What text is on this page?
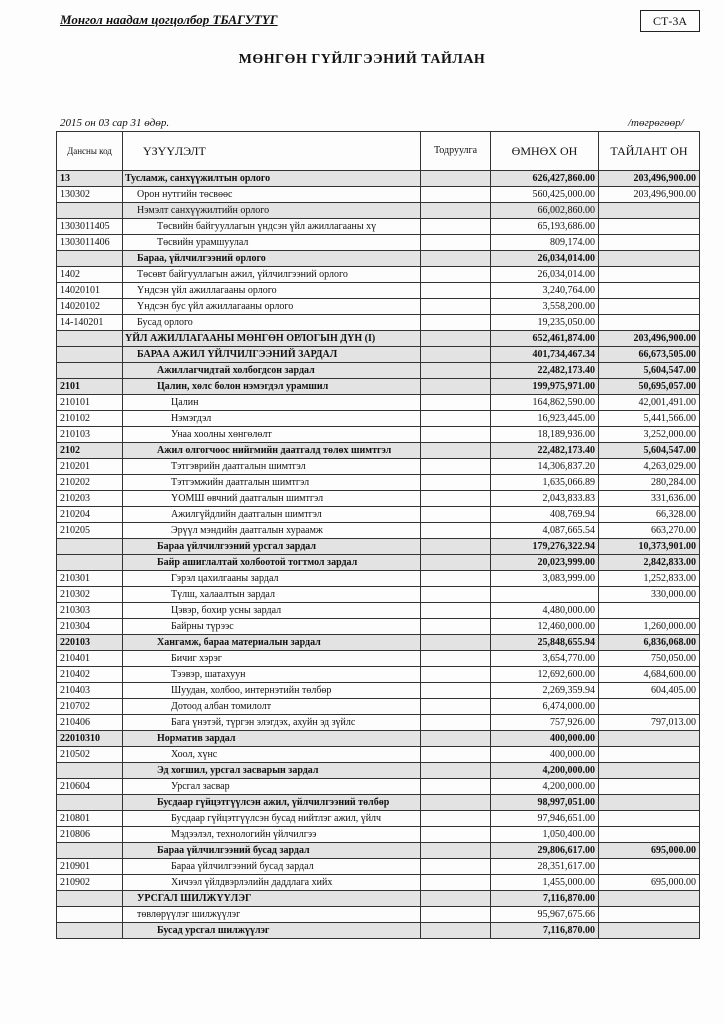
Монгол наадам цогцолбор ТБАГУТҮГ	СТ-3А
МӨНГӨН ГҮЙЛГЭЭНИЙ ТАЙЛАН
2015 он 03 сар 31 өдөр.	/төгрөгөөр/
Дансны код	ҮЗҮҮЛЭЛТ	Тодруулга	ӨМНӨХ ОН	ТАЙЛАНТ ОН
13	Тусламж, санхүүжилтын орлого		626,427,860.00	203,496,900.00
130302	Орон нутгийн төсвөөс		560,425,000.00	203,496,900.00
	Нэмэлт санхүүжилтийн орлого		66,002,860.00	
1303011405	Төсвийн байгууллагын үндсэн үйл ажиллагааны хү		65,193,686.00	
1303011406	Төсвийн урамшуулал		809,174.00	
	Бараа, үйлчилгээний орлого		26,034,014.00	
1402	Төсөвт байгууллагын ажил, үйлчилгээний орлого		26,034,014.00	
14020101	Үндсэн үйл ажиллагааны орлого		3,240,764.00	
14020102	Үндсэн бус үйл ажиллагааны орлого		3,558,200.00	
14-140201	Бусад орлого		19,235,050.00	
	ҮЙЛ АЖИЛЛАГААНЫ МӨНГӨН ОРЛОГЫН ДҮН (I)		652,461,874.00	203,496,900.00
	БАРАА АЖИЛ ҮЙЛЧИЛГЭЭНИЙ ЗАРДАЛ		401,734,467.34	66,673,505.00
	Ажиллагчидтай холбогдсон зардал		22,482,173.40	5,604,547.00
2101	Цалин, хөлс болон нэмэгдэл урамшил		199,975,971.00	50,695,057.00
210101	Цалин		164,862,590.00	42,001,491.00
210102	Нэмэгдэл		16,923,445.00	5,441,566.00
210103	Унаа хоолны хөнгөлөлт		18,189,936.00	3,252,000.00
2102	Ажил олгогчоос нийгмийн даатгалд төлөх шимтгэл		22,482,173.40	5,604,547.00
210201	Тэтгэврийн даатгалын шимтгэл		14,306,837.20	4,263,029.00
210202	Тэтгэмжийн даатгалын шимтгэл		1,635,066.89	280,284.00
210203	ҮОМШ өвчний даатгалын шимтгэл		2,043,833.83	331,636.00
210204	Ажилгүйдлийн даатгалын шимтгэл		408,769.94	66,328.00
210205	Эрүүл мэндийн даатгалын хураамж		4,087,665.54	663,270.00
	Бараа үйлчилгээний урсгал зардал		179,276,322.94	10,373,901.00
	Байр ашиглалтай холбоотой тогтмол зардал		20,023,999.00	2,842,833.00
210301	Гэрэл цахилгааны зардал		3,083,999.00	1,252,833.00
210302	Түлш, халаалтын зардал			330,000.00
210303	Цэвэр, бохир усны зардал		4,480,000.00	
210304	Байрны түрээс		12,460,000.00	1,260,000.00
220103	Хангамж, бараа материалын зардал		25,848,655.94	6,836,068.00
210401	Бичиг хэрэг		3,654,770.00	750,050.00
210402	Тээвэр, шатахуун		12,692,600.00	4,684,600.00
210403	Шуудан, холбоо, интернэтийн төлбөр		2,269,359.94	604,405.00
210702	Дотоод албан томилолт		6,474,000.00	
210406	Бага үнэтэй, түргэн элэгдэх, ахуйн эд зүйлс		757,926.00	797,013.00
22010310	Норматив зардал		400,000.00	
210502	Хоол, хүнс		400,000.00	
	Эд хогшил, урсгал засварын зардал		4,200,000.00	
210604	Урсгал засвар		4,200,000.00	
	Бусдаар гүйцэтгүүлсэн ажил, үйлчилгээний төлбөр		98,997,051.00	
210801	Бусдаар гүйцэтгүүлсэн бусад нийтлэг ажил, үйлч		97,946,651.00	
210806	Мэдээлэл, технологийн үйлчилгээ		1,050,400.00	
	Бараа үйлчилгээний бусад зардал		29,806,617.00	695,000.00
210901	Бараа үйлчилгээний бусад зардал		28,351,617.00	
210902	Хичээл үйлдвэрлэлийн даддлага хийх		1,455,000.00	695,000.00
	УРСГАЛ ШИЛЖҮҮЛЭГ		7,116,870.00	
	төвлөрүүлэг шилжүүлэг		95,967,675.66	
	Бусад урсгал шилжүүлэг		7,116,870.00	
